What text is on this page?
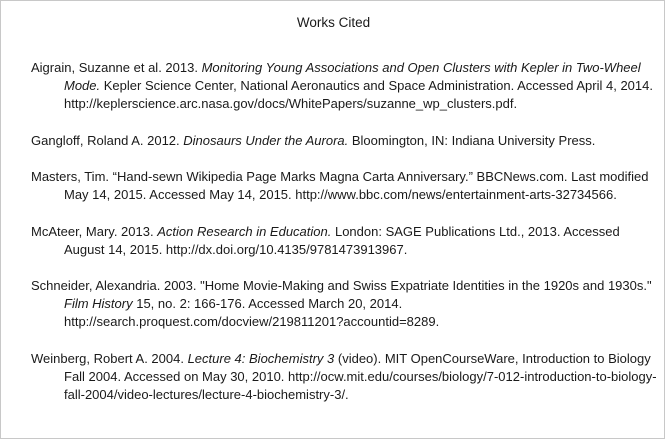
Works Cited

Aigrain, Suzanne et al. 2013. Monitoring Young Associations and Open Clusters with Kepler in Two-Wheel Mode. Kepler Science Center, National Aeronautics and Space Administration. Accessed April 4, 2014. http://keplerscience.arc.nasa.gov/docs/WhitePapers/suzanne_wp_clusters.pdf.

Gangloff, Roland A. 2012. Dinosaurs Under the Aurora. Bloomington, IN: Indiana University Press.

Masters, Tim. “Hand-sewn Wikipedia Page Marks Magna Carta Anniversary.” BBCNews.com. Last modified May 14, 2015. Accessed May 14, 2015. http://www.bbc.com/news/entertainment-arts-32734566.

McAteer, Mary. 2013. Action Research in Education. London: SAGE Publications Ltd., 2013. Accessed August 14, 2015. http://dx.doi.org/10.4135/9781473913967.

Schneider, Alexandria. 2003. "Home Movie-Making and Swiss Expatriate Identities in the 1920s and 1930s." Film History 15, no. 2: 166-176. Accessed March 20, 2014. http://search.proquest.com/docview/219811201?accountid=8289.

Weinberg, Robert A. 2004. Lecture 4: Biochemistry 3 (video). MIT OpenCourseWare, Introduction to Biology Fall 2004. Accessed on May 30, 2010. http://ocw.mit.edu/courses/biology/7-012-introduction-to-biology-fall-2004/video-lectures/lecture-4-biochemistry-3/.
